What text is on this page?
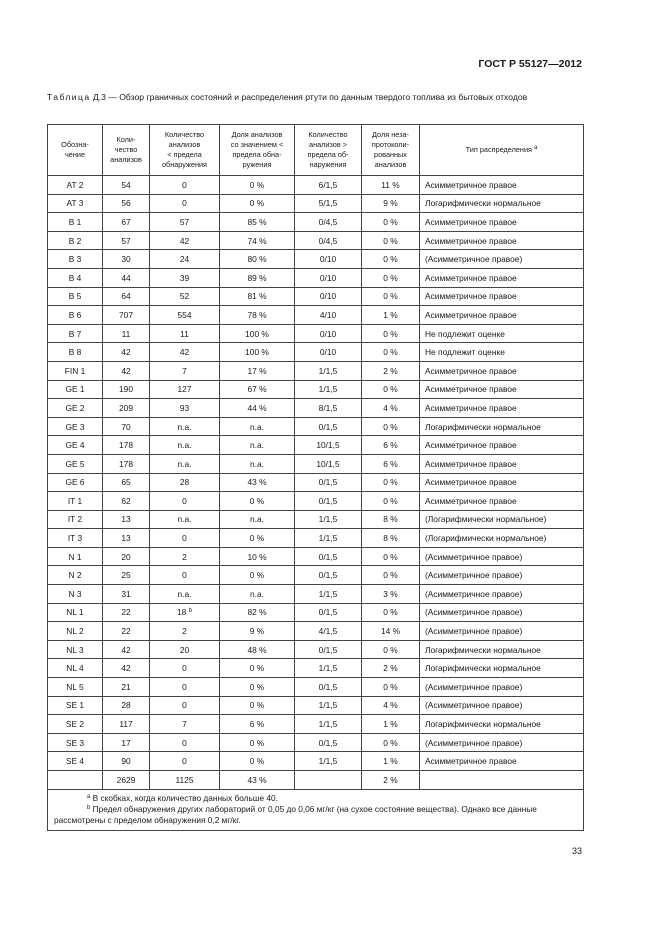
ГОСТ Р 55127—2012
Таблица Д.3 — Обзор граничных состояний и распределения ртути по данным твердого топлива из бытовых отходов
Обозна-
чение	Коли-
чество
анализов	Количество
анализов
< предела
обнаружения	Доля анализов
со значением <
предела обна-
ружения	Количество
анализов >
предела об-
наружения	Доля неза-
протоколи-
рованных
анализов	Тип распределения $^а$
AT 2	54	0	0 %	6/1,5	11 %	Асимметричное правое
AT 3	56	0	0 %	5/1,5	9 %	Логарифмически нормальное
B 1	67	57	85 %	0/4,5	0 %	Асимметричное правое
B 2	57	42	74 %	0/4,5	0 %	Асимметричное правое
B 3	30	24	80 %	0/10	0 %	(Асимметричное правое)
B 4	44	39	89 %	0/10	0 %	Асимметричное правое
B 5	64	52	81 %	0/10	0 %	Асимметричное правое
B 6	707	554	78 %	4/10	1 %	Асимметричное правое
B 7	11	11	100 %	0/10	0 %	Не подлежит оценке
B 8	42	42	100 %	0/10	0 %	Не подлежит оценке
FIN 1	42	7	17 %	1/1,5	2 %	Асимметричное правое
GE 1	190	127	67 %	1/1,5	0 %	Асимметричное правое
GE 2	209	93	44 %	8/1,5	4 %	Асимметричное правое
GE 3	70	n.a.	n.a.	0/1,5	0 %	Логарифмически нормальное
GE 4	178	n.a.	n.a.	10/1,5	6 %	Асимметричное правое
GE 5	178	n.a.	n.a.	10/1,5	6 %	Асимметричное правое
GE 6	65	28	43 %	0/1,5	0 %	Асимметричное правое
IT 1	62	0	0 %	0/1,5	0 %	Асимметричное правое
IT 2	13	n.a.	n.a.	1/1,5	8 %	(Логарифмически нормальное)
IT 3	13	0	0 %	1/1,5	8 %	(Логарифмически нормальное)
N 1	20	2	10 %	0/1,5	0 %	(Асимметричное правое)
N 2	25	0	0 %	0/1,5	0 %	(Асимметричное правое)
N 3	31	n.a.	n.a.	1/1,5	3 %	(Асимметричное правое)
NL 1	22	18 $^b$	82 %	0/1,5	0 %	(Асимметричное правое)
NL 2	22	2	9 %	4/1,5	14 %	(Асимметричное правое)
NL 3	42	20	48 %	0/1,5	0 %	Логарифмически нормальное
NL 4	42	0	0 %	1/1,5	2 %	Логарифмически нормальное
NL 5	21	0	0 %	0/1,5	0 %	(Асимметричное правое)
SE 1	28	0	0 %	1/1,5	4 %	(Асимметричное правое)
SE 2	117	7	6 %	1/1,5	1 %	Логарифмически нормальное
SE 3	17	0	0 %	0/1,5	0 %	(Асимметричное правое)
SE 4	90	0	0 %	1/1,5	1 %	Асимметричное правое
	2629	1125	43 %		2 %	

$^a$ В скобках, когда количество данных больше 40.
$^b$ Предел обнаружения других лабораторий от 0,05 до 0,06 мг/кг (на сухое состояние вещества). Однако все данные рассмотрены с пределом обнаружения 0,2 мг/кг.						
33
